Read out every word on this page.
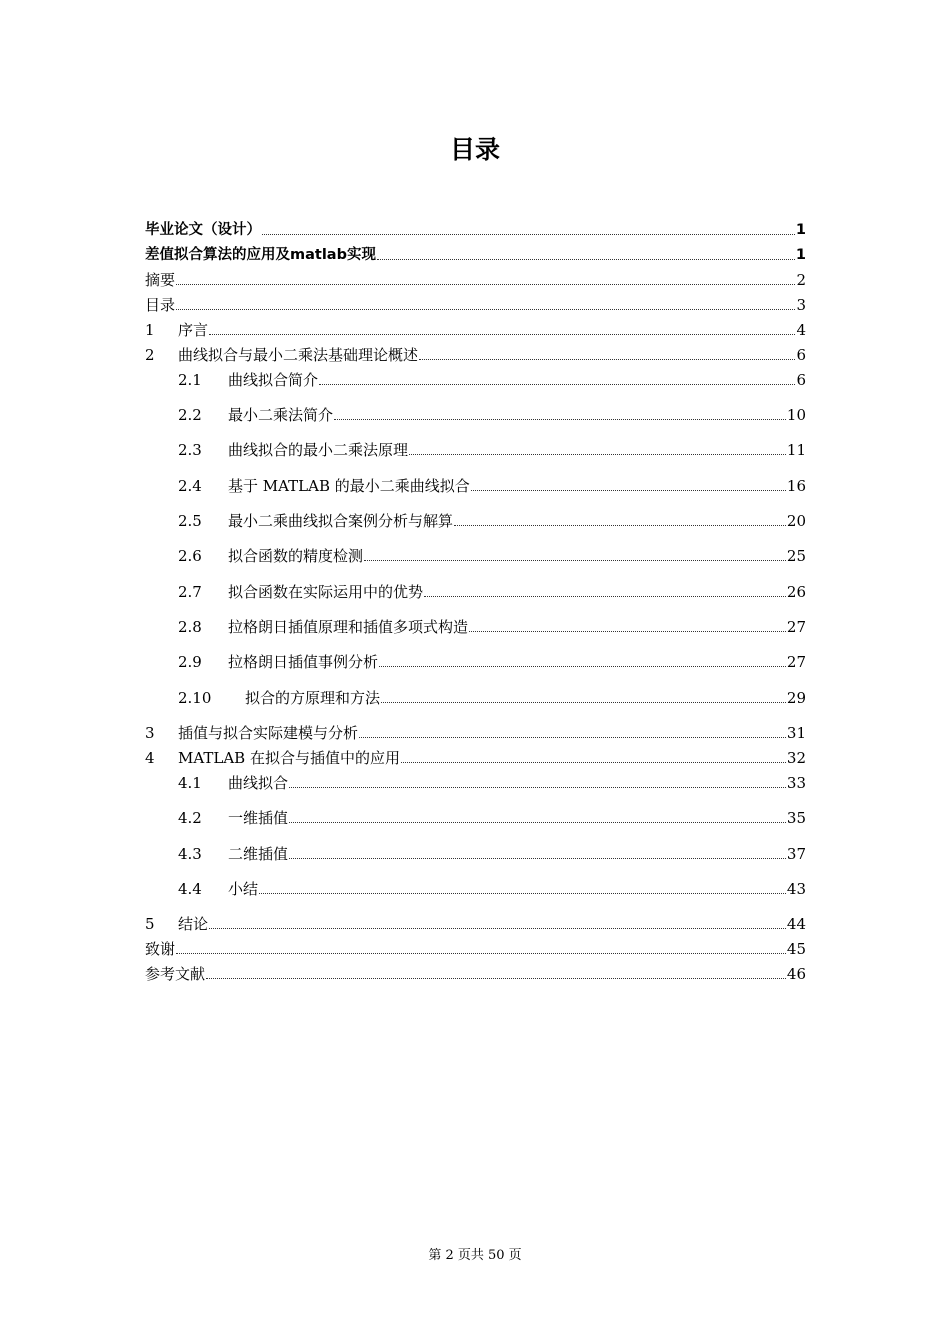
目录
毕业论文（设计）	1
差值拟合算法的应用及matlab实现	1
摘要	2
目录	3
1	序言	4
2	曲线拟合与最小二乘法基础理论概述	6
2.1	曲线拟合简介	6
2.2	最小二乘法简介	10
2.3	曲线拟合的最小二乘法原理	11
2.4	基于 MATLAB 的最小二乘曲线拟合	16
2.5	最小二乘曲线拟合案例分析与解算	20
2.6	拟合函数的精度检测	25
2.7	拟合函数在实际运用中的优势	26
2.8	拉格朗日插值原理和插值多项式构造	27
2.9	拉格朗日插值事例分析	27
2.10	拟合的方原理和方法	29
3	插值与拟合实际建模与分析	31
4	MATLAB 在拟合与插值中的应用	32
4.1	曲线拟合	33
4.2	一维插值	35
4.3	二维插值	37
4.4	小结	43
5	结论	44
致谢	45
参考文献	46
第 2 页共 50 页
